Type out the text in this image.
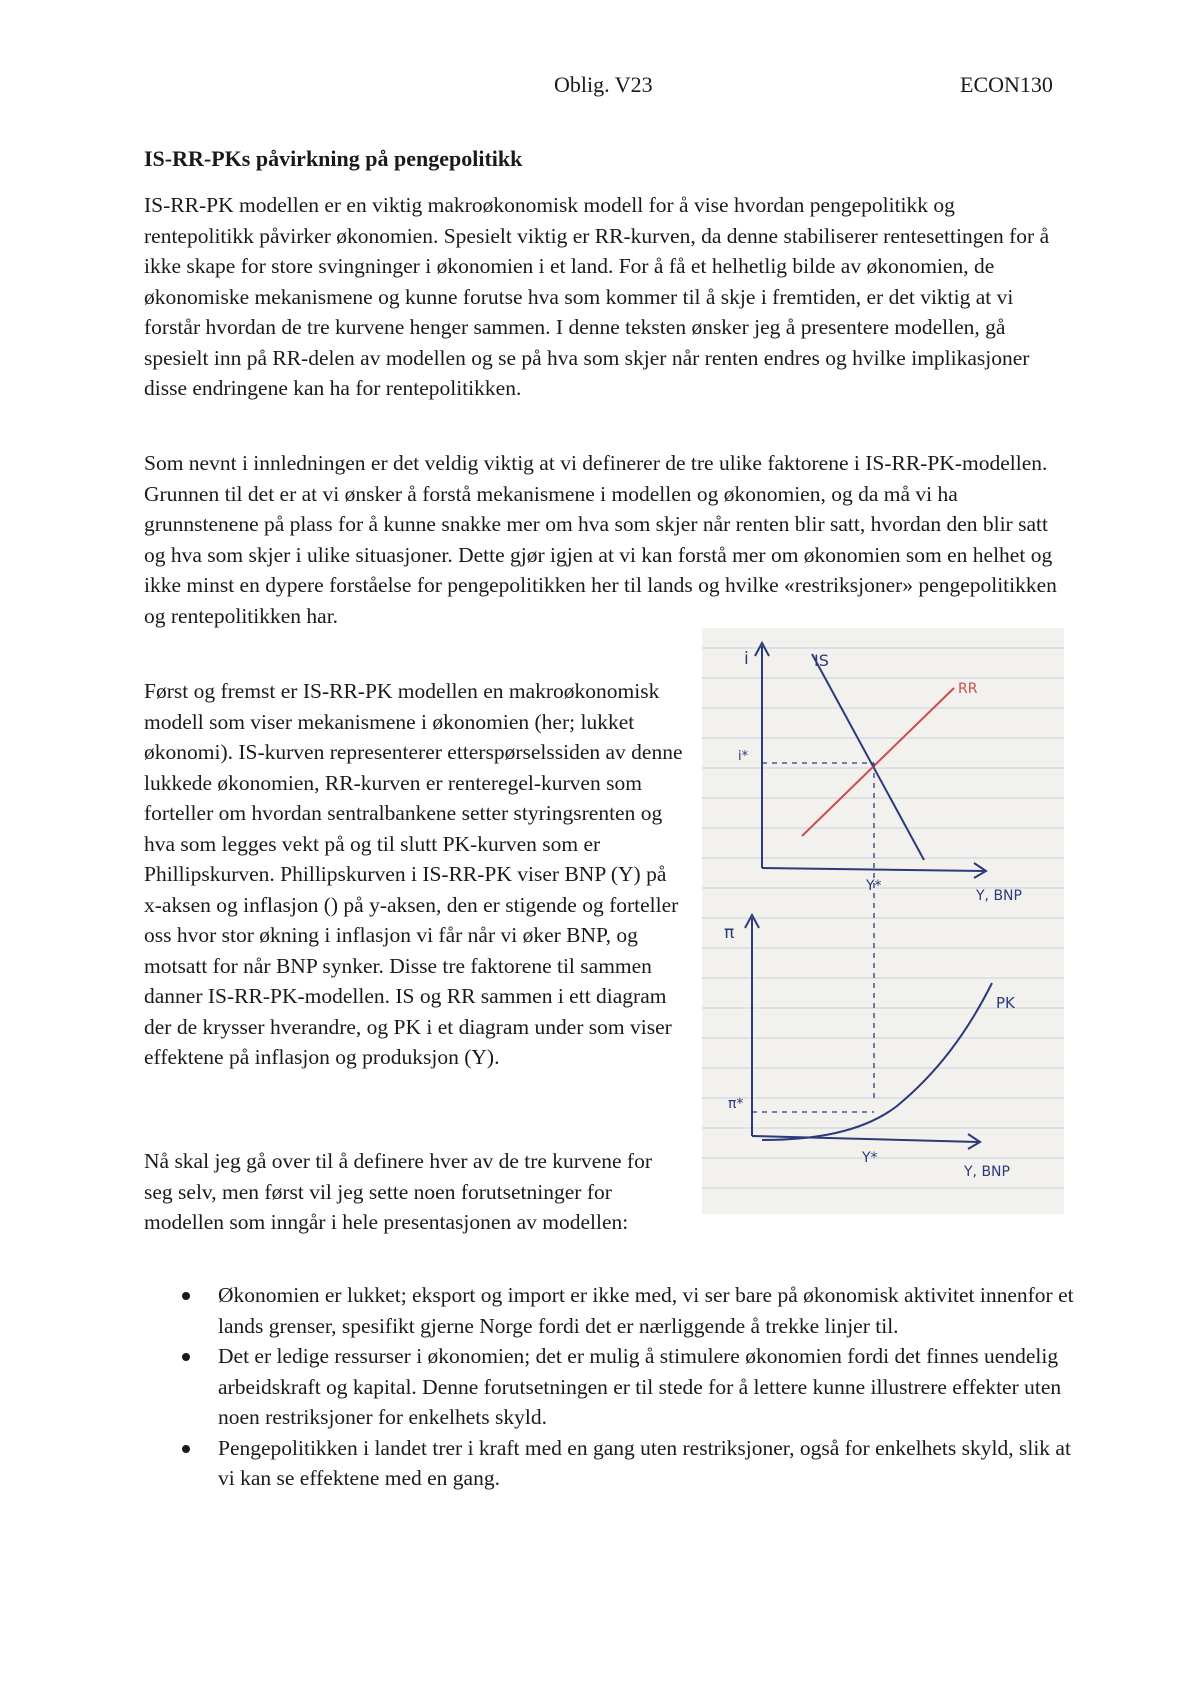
Oblig. V23	ECON130
IS-RR-PKs påvirkning på pengepolitikk

IS-RR-PK modellen er en viktig makroøkonomisk modell for å vise hvordan pengepolitikk og rentepolitikk påvirker økonomien. Spesielt viktig er RR-kurven, da denne stabiliserer rentesettingen for å ikke skape for store svingninger i økonomien i et land. For å få et helhetlig bilde av økonomien, de økonomiske mekanismene og kunne forutse hva som kommer til å skje i fremtiden, er det viktig at vi forstår hvordan de tre kurvene henger sammen. I denne teksten ønsker jeg å presentere modellen, gå spesielt inn på RR-delen av modellen og se på hva som skjer når renten endres og hvilke implikasjoner disse endringene kan ha for rentepolitikken.

Som nevnt i innledningen er det veldig viktig at vi definerer de tre ulike faktorene i IS-RR-PK-modellen. Grunnen til det er at vi ønsker å forstå mekanismene i modellen og økonomien, og da må vi ha grunnstenene på plass for å kunne snakke mer om hva som skjer når renten blir satt, hvordan den blir satt og hva som skjer i ulike situasjoner. Dette gjør igjen at vi kan forstå mer om økonomien som en helhet og ikke minst en dypere forståelse for pengepolitikken her til lands og hvilke «restriksjoner» pengepolitikken og rentepolitikken har.

Først og fremst er IS-RR-PK modellen en makroøkonomisk modell som viser mekanismene i økonomien (her; lukket økonomi). IS-kurven representerer etterspørselssiden av denne lukkede økonomien, RR-kurven er renteregel-kurven som forteller om hvordan sentralbankene setter styringsrenten og hva som legges vekt på og til slutt PK-kurven som er Phillipskurven. Phillipskurven i IS-RR-PK viser BNP (Y) på x-aksen og inflasjon () på y-aksen, den er stigende og forteller oss hvor stor økning i inflasjon vi får når vi øker BNP, og motsatt for når BNP synker. Disse tre faktorene til sammen danner IS-RR-PK-modellen. IS og RR sammen i ett diagram der de krysser hverandre, og PK i et diagram under som viser effektene på inflasjon og produksjon (Y).

Nå skal jeg gå over til å definere hver av de tre kurvene for seg selv, men først vil jeg sette noen forutsetninger for modellen som inngår i hele presentasjonen av modellen:

Økonomien er lukket; eksport og import er ikke med, vi ser bare på økonomisk aktivitet innenfor et lands grenser, spesifikt gjerne Norge fordi det er nærliggende å trekke linjer til.
Det er ledige ressurser i økonomien; det er mulig å stimulere økonomien fordi det finnes uendelig arbeidskraft og kapital. Denne forutsetningen er til stede for å lettere kunne illustrere effekter uten noen restriksjoner for enkelhets skyld.
Pengepolitikken i landet trer i kraft med en gang uten restriksjoner, også for enkelhets skyld, slik at vi kan se effektene med en gang.
i	IS
RR
i*
Y*
Y, BNP
π
PK
π*
Y*
Y, BNP
